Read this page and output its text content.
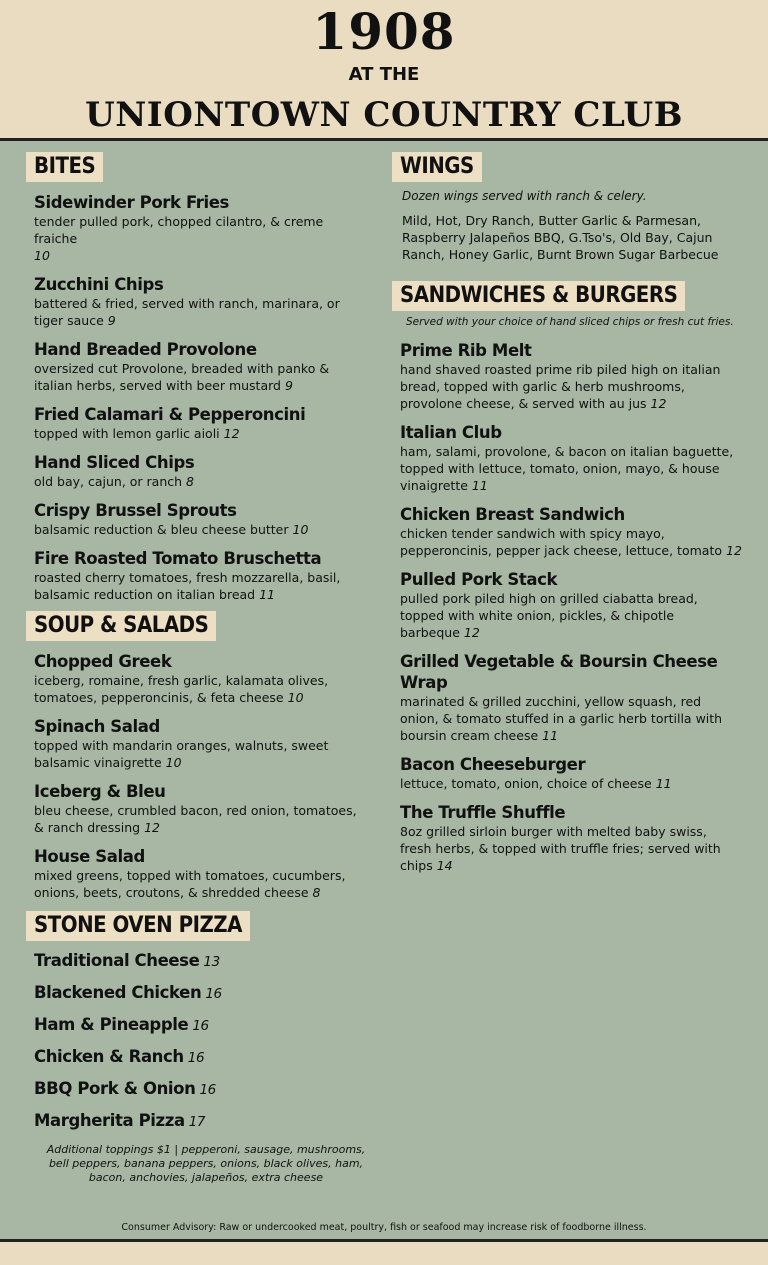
1908
AT THE
UNIONTOWN COUNTRY CLUB
BITES
Sidewinder Pork Fries
tender pulled pork, chopped cilantro, & creme fraiche
10
Zucchini Chips
battered & fried, served with ranch, marinara, or tiger sauce 9
Hand Breaded Provolone
oversized cut Provolone, breaded with panko & italian herbs, served with beer mustard 9
Fried Calamari & Pepperoncini
topped with lemon garlic aioli 12
Hand Sliced Chips
old bay, cajun, or ranch 8
Crispy Brussel Sprouts
balsamic reduction & bleu cheese butter 10
Fire Roasted Tomato Bruschetta
roasted cherry tomatoes, fresh mozzarella, basil, balsamic reduction on italian bread 11
SOUP & SALADS
Chopped Greek
iceberg, romaine, fresh garlic, kalamata olives, tomatoes, pepperoncinis, & feta cheese 10
Spinach Salad
topped with mandarin oranges, walnuts, sweet balsamic vinaigrette 10
Iceberg & Bleu
bleu cheese, crumbled bacon, red onion, tomatoes, & ranch dressing 12
House Salad
mixed greens, topped with tomatoes, cucumbers, onions, beets, croutons, & shredded cheese 8
STONE OVEN PIZZA
Traditional Cheese 13
Blackened Chicken 16
Ham & Pineapple 16
Chicken & Ranch 16
BBQ Pork & Onion 16
Margherita Pizza 17
Additional toppings $1 | pepperoni, sausage, mushrooms, bell peppers, banana peppers, onions, black olives, ham, bacon, anchovies, jalapeños, extra cheese
WINGS
Dozen wings served with ranch & celery.
Mild, Hot, Dry Ranch, Butter Garlic & Parmesan, Raspberry Jalapeños BBQ, G.Tso's, Old Bay, Cajun Ranch, Honey Garlic, Burnt Brown Sugar Barbecue
SANDWICHES & BURGERS
Served with your choice of hand sliced chips or fresh cut fries.
Prime Rib Melt
hand shaved roasted prime rib piled high on italian bread, topped with garlic & herb mushrooms, provolone cheese, & served with au jus 12
Italian Club
ham, salami, provolone, & bacon on italian baguette, topped with lettuce, tomato, onion, mayo, & house vinaigrette 11
Chicken Breast Sandwich
chicken tender sandwich with spicy mayo, pepperoncinis, pepper jack cheese, lettuce, tomato 12
Pulled Pork Stack
pulled pork piled high on grilled ciabatta bread, topped with white onion, pickles, & chipotle barbeque 12
Grilled Vegetable & Boursin Cheese Wrap
marinated & grilled zucchini, yellow squash, red onion, & tomato stuffed in a garlic herb tortilla with boursin cream cheese 11
Bacon Cheeseburger
lettuce, tomato, onion, choice of cheese 11
The Truffle Shuffle
8oz grilled sirloin burger with melted baby swiss, fresh herbs, & topped with truffle fries; served with chips 14
Consumer Advisory: Raw or undercooked meat, poultry, fish or seafood may increase risk of foodborne illness.
